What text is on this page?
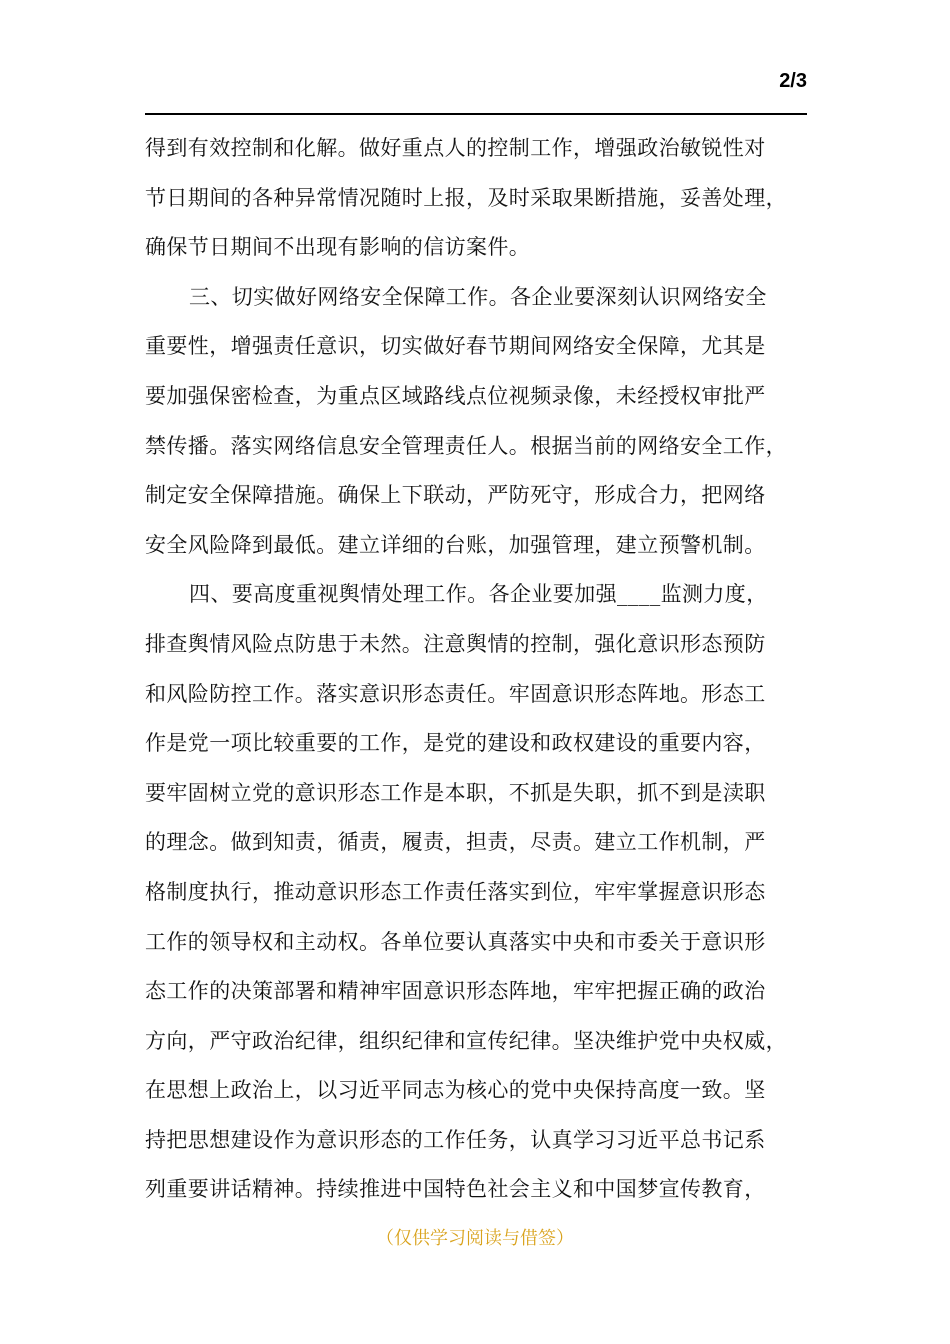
2/3
得到有效控制和化解。做好重点人的控制工作，增强政治敏锐性对
节日期间的各种异常情况随时上报，及时采取果断措施，妥善处理，
确保节日期间不出现有影响的信访案件。
三、切实做好网络安全保障工作。各企业要深刻认识网络安全
重要性，增强责任意识，切实做好春节期间网络安全保障，尤其是
要加强保密检查，为重点区域路线点位视频录像，未经授权审批严
禁传播。落实网络信息安全管理责任人。根据当前的网络安全工作，
制定安全保障措施。确保上下联动，严防死守，形成合力，把网络
安全风险降到最低。建立详细的台账，加强管理，建立预警机制。
四、要高度重视舆情处理工作。各企业要加强____监测力度，
排查舆情风险点防患于未然。注意舆情的控制，强化意识形态预防
和风险防控工作。落实意识形态责任。牢固意识形态阵地。形态工
作是党一项比较重要的工作，是党的建设和政权建设的重要内容，
要牢固树立党的意识形态工作是本职，不抓是失职，抓不到是渎职
的理念。做到知责，循责，履责，担责，尽责。建立工作机制，严
格制度执行，推动意识形态工作责任落实到位，牢牢掌握意识形态
工作的领导权和主动权。各单位要认真落实中央和市委关于意识形
态工作的决策部署和精神牢固意识形态阵地，牢牢把握正确的政治
方向，严守政治纪律，组织纪律和宣传纪律。坚决维护党中央权威，
在思想上政治上，以习近平同志为核心的党中央保持高度一致。坚
持把思想建设作为意识形态的工作任务，认真学习习近平总书记系
列重要讲话精神。持续推进中国特色社会主义和中国梦宣传教育，
（仅供学习阅读与借签）
